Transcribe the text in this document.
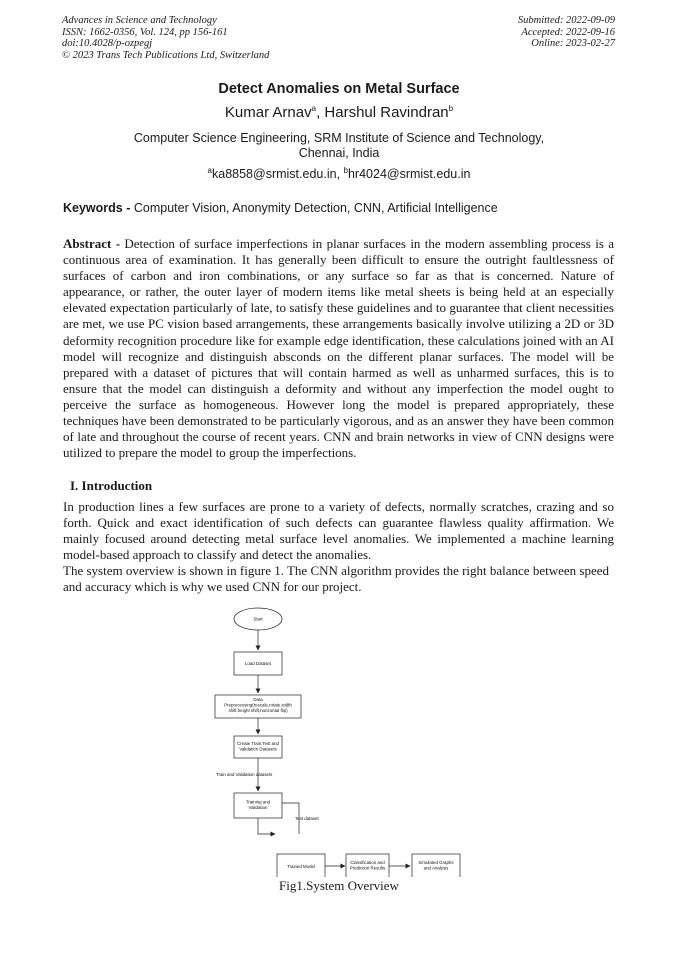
Advances in Science and Technology
ISSN: 1662-0356, Vol. 124, pp 156-161
doi:10.4028/p-ozpegj
© 2023 Trans Tech Publications Ltd, Switzerland
Submitted: 2022-09-09
Accepted: 2022-09-16
Online: 2023-02-27
Detect Anomalies on Metal Surface
Kumar Arnav$^a$, Harshul Ravindran$^b$
Computer Science Engineering, SRM Institute of Science and Technology,
Chennai, India
$^a$ka8858@srmist.edu.in, $^b$hr4024@srmist.edu.in
Keywords - Computer Vision, Anonymity Detection, CNN, Artificial Intelligence
Abstract - Detection of surface imperfections in planar surfaces in the modern assembling process is a continuous area of examination. It has generally been difficult to ensure the outright faultlessness of surfaces of carbon and iron combinations, or any surface so far as that is concerned. Nature of appearance, or rather, the outer layer of modern items like metal sheets is being held at an especially elevated expectation particularly of late, to satisfy these guidelines and to guarantee that client necessities are met, we use PC vision based arrangements, these arrangements basically involve utilizing a 2D or 3D deformity recognition procedure like for example edge identification, these calculations joined with an AI model will recognize and distinguish absconds on the different planar surfaces. The model will be prepared with a dataset of pictures that will contain harmed as well as unharmed surfaces, this is to ensure that the model can distinguish a deformity and without any imperfection the model ought to perceive the surface as homogeneous. However long the model is prepared appropriately, these techniques have been demonstrated to be particularly vigorous, and as an answer they have been common of late and throughout the course of recent years. CNN and brain networks in view of CNN designs were utilized to prepare the model to group the imperfections.
I. Introduction
In production lines a few surfaces are prone to a variety of defects, normally scratches, crazing and so forth. Quick and exact identification of such defects can guarantee flawless quality affirmation. We mainly focused around detecting metal surface level anomalies. We implemented a machine learning model-based approach to classify and detect the anomalies.
The system overview is shown in figure 1. The CNN algorithm provides the right balance between speed and accuracy which is why we used CNN for our project.
Start
Load Dataset
Data
Preprocessing(rescale,rotate,width
shift,height shift,horizontal flip)
Create Train,Test and
Validation Datasets
Train and Validation datasets
Training and
Validation
Test dataset
Trained Model
Classification and
Prediction Results
Simulated Graphs
and Analysis
Fig1.System Overview
